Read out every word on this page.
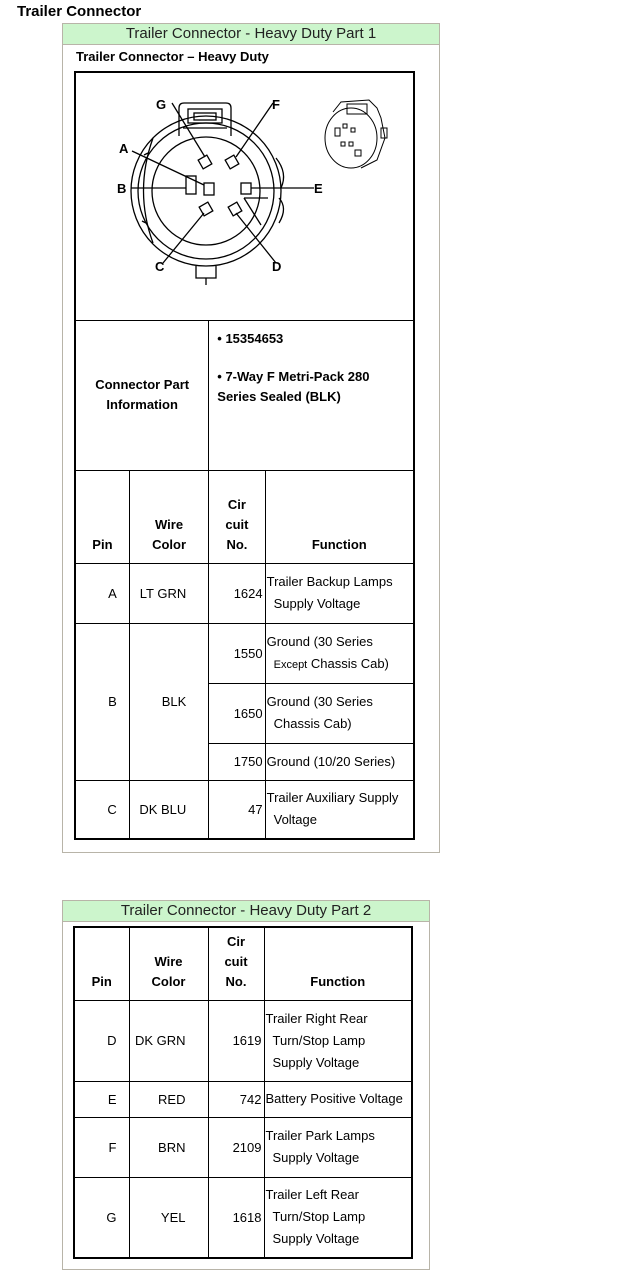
Trailer Connector
Trailer Connector - Heavy Duty Part 1
Trailer Connector – Heavy Duty
G	F
A
B	E
C	D

Connector Part Information		• 15354653
• 7-Way F Metri-Pack 280 Series Sealed (BLK)	

Pin	Wire Color	Cir
cuit
No.	Function
A	LT GRN	1624	Trailer Backup Lamps
Supply Voltage
B	BLK	1550	Ground (30 Series
Except Chassis Cab)
		1650	Ground (30 Series
Chassis Cab)
		1750	Ground (10/20 Series)
C	DK BLU	47	Trailer Auxiliary Supply
Voltage
Trailer Connector - Heavy Duty Part 2
Pin	Wire Color	Cir
cuit
No.	Function
D	DK GRN	1619	Trailer Right Rear
Turn/Stop Lamp
Supply Voltage
E	RED	742	Battery Positive Voltage
F	BRN	2109	Trailer Park Lamps
Supply Voltage
G	YEL	1618	Trailer Left Rear
Turn/Stop Lamp
Supply Voltage
